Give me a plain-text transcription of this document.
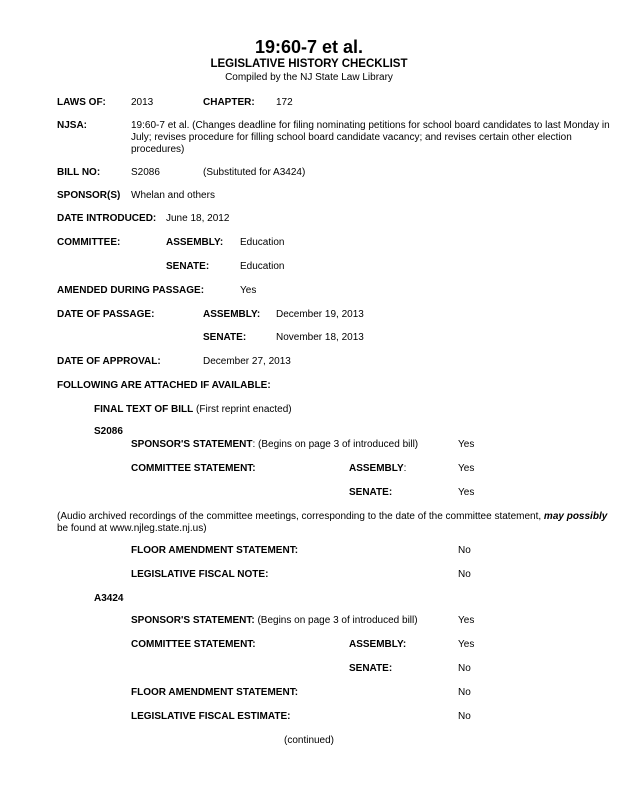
19:60-7 et al.
LEGISLATIVE HISTORY CHECKLIST
Compiled by the NJ State Law Library
LAWS OF:	2013	CHAPTER: 172
NJSA:	19:60-7 et al. (Changes deadline for filing nominating petitions for school board candidates to last Monday in
July; revises procedure for filling school board candidate vacancy; and revises certain other election
procedures)
BILL NO:	S2086	(Substituted for A3424)
SPONSOR(S) Whelan and others
DATE INTRODUCED: June 18, 2012
COMMITTEE:	ASSEMBLY: Education
SENATE:	Education
AMENDED DURING PASSAGE:	Yes
DATE OF PASSAGE:	ASSEMBLY: December 19, 2013
SENATE:	November 18, 2013
DATE OF APPROVAL:	December 27, 2013
FOLLOWING ARE ATTACHED IF AVAILABLE:
FINAL TEXT OF BILL (First reprint enacted)
S2086
SPONSOR'S STATEMENT: (Begins on page 3 of introduced bill)	Yes
COMMITTEE STATEMENT:	ASSEMBLY:	Yes
SENATE:	Yes
(Audio archived recordings of the committee meetings, corresponding to the date of the committee statement, may possibly
be found at www.njleg.state.nj.us)
FLOOR AMENDMENT STATEMENT:	No
LEGISLATIVE FISCAL NOTE:	No
A3424
SPONSOR'S STATEMENT: (Begins on page 3 of introduced bill)	Yes
COMMITTEE STATEMENT:	ASSEMBLY:	Yes
SENATE:	No
FLOOR AMENDMENT STATEMENT:	No
LEGISLATIVE FISCAL ESTIMATE:	No
(continued)
